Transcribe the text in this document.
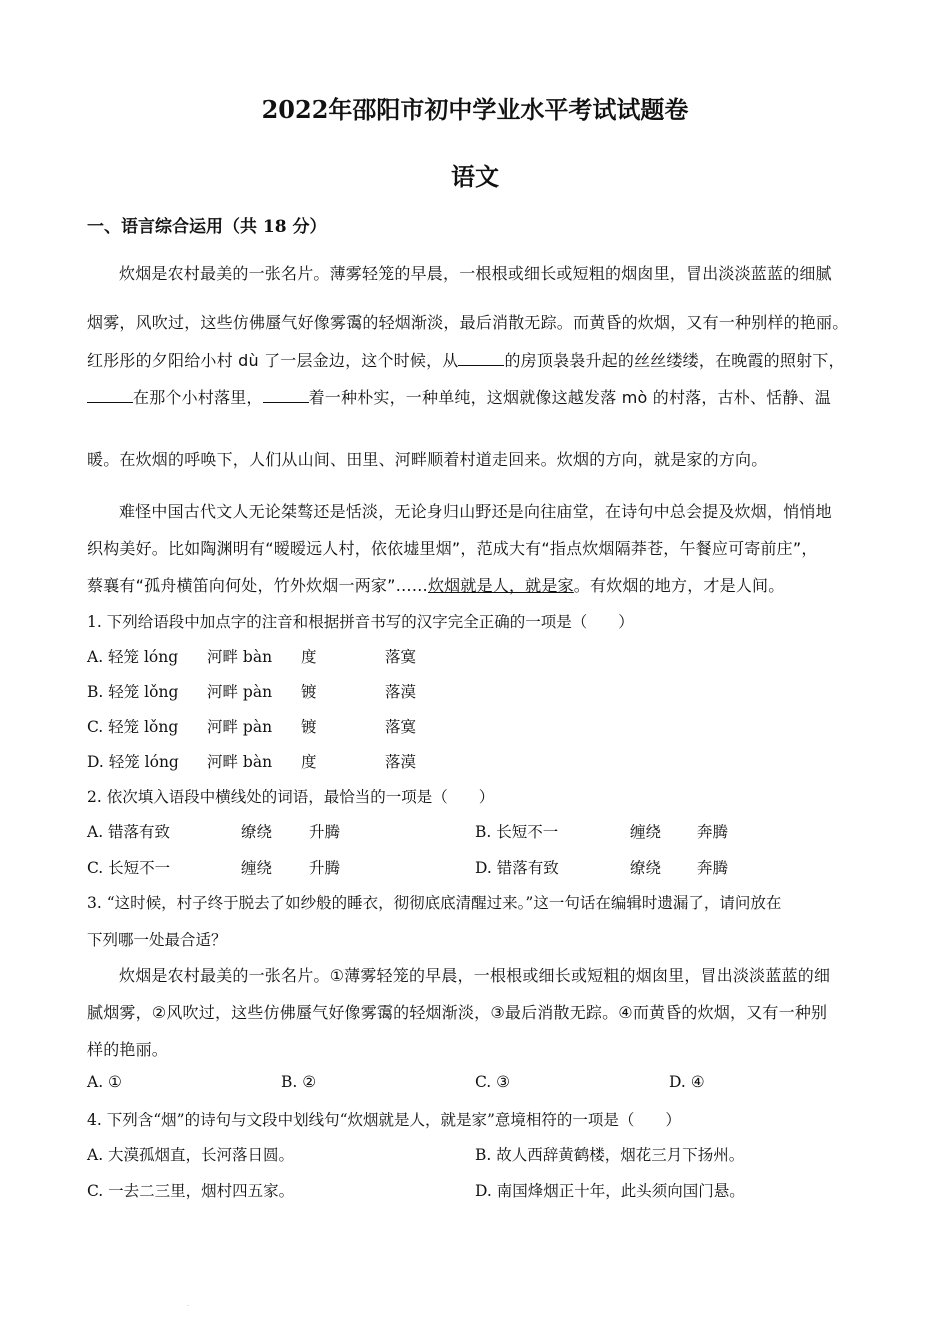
2022年邵阳市初中学业水平考试试题卷
语文
一、语言综合运用（共 18 分）
炊烟是农村最美的一张名片。薄雾轻笼的早晨，一根根或细长或短粗的烟囱里，冒出淡淡蓝蓝的细腻
烟雾，风吹过，这些仿佛蜃气好像雾霭的轻烟渐淡，最后消散无踪。而黄昏的炊烟，又有一种别样的艳丽。
红彤彤的夕阳给小村 dù 了一层金边，这个时候，从	的房顶袅袅升起的丝丝缕缕，在晚霞的照射下，
在那个小村落里，	着一种朴实，一种单纯，这烟就像这越发落 mò 的村落，古朴、恬静、温
暖。在炊烟的呼唤下，人们从山间、田里、河畔顺着村道走回来。炊烟的方向，就是家的方向。
难怪中国古代文人无论桀骜还是恬淡，无论身归山野还是向往庙堂，在诗句中总会提及炊烟，悄悄地
织构美好。比如陶渊明有“暧暧远人村，依依墟里烟”，范成大有“指点炊烟隔莽苍，午餐应可寄前庄”，
蔡襄有“孤舟横笛向何处，竹外炊烟一两家”……炊烟就是人，就是家。有炊烟的地方，才是人间。
1. 下列给语段中加点字的注音和根据拼音书写的汉字完全正确的一项是（　　）
A. 轻笼 lóng 河畔 bàn 度	落寞
B. 轻笼 lǒng 河畔 pàn 镀	落漠
C. 轻笼 lǒng 河畔 pàn 镀	落寞
D. 轻笼 lóng 河畔 bàn 度	落漠
2. 依次填入语段中横线处的词语，最恰当的一项是（　　）
A. 错落有致	缭绕 升腾	B. 长短不一	缠绕 奔腾
C. 长短不一	缠绕 升腾	D. 错落有致	缭绕 奔腾
3. “这时候，村子终于脱去了如纱般的睡衣，彻彻底底清醒过来。”这一句话在编辑时遗漏了，请问放在
下列哪一处最合适？
炊烟是农村最美的一张名片。①薄雾轻笼的早晨，一根根或细长或短粗的烟囱里，冒出淡淡蓝蓝的细
腻烟雾，②风吹过，这些仿佛蜃气好像雾霭的轻烟渐淡，③最后消散无踪。④而黄昏的炊烟，又有一种别
样的艳丽。
A. ①	B. ②	C. ③	D. ④
4. 下列含“烟”的诗句与文段中划线句“炊烟就是人，就是家”意境相符的一项是（　　）
A. 大漠孤烟直，长河落日圆。	B. 故人西辞黄鹤楼，烟花三月下扬州。
C. 一去二三里，烟村四五家。	D. 南国烽烟正十年，此头须向国门悬。
·
